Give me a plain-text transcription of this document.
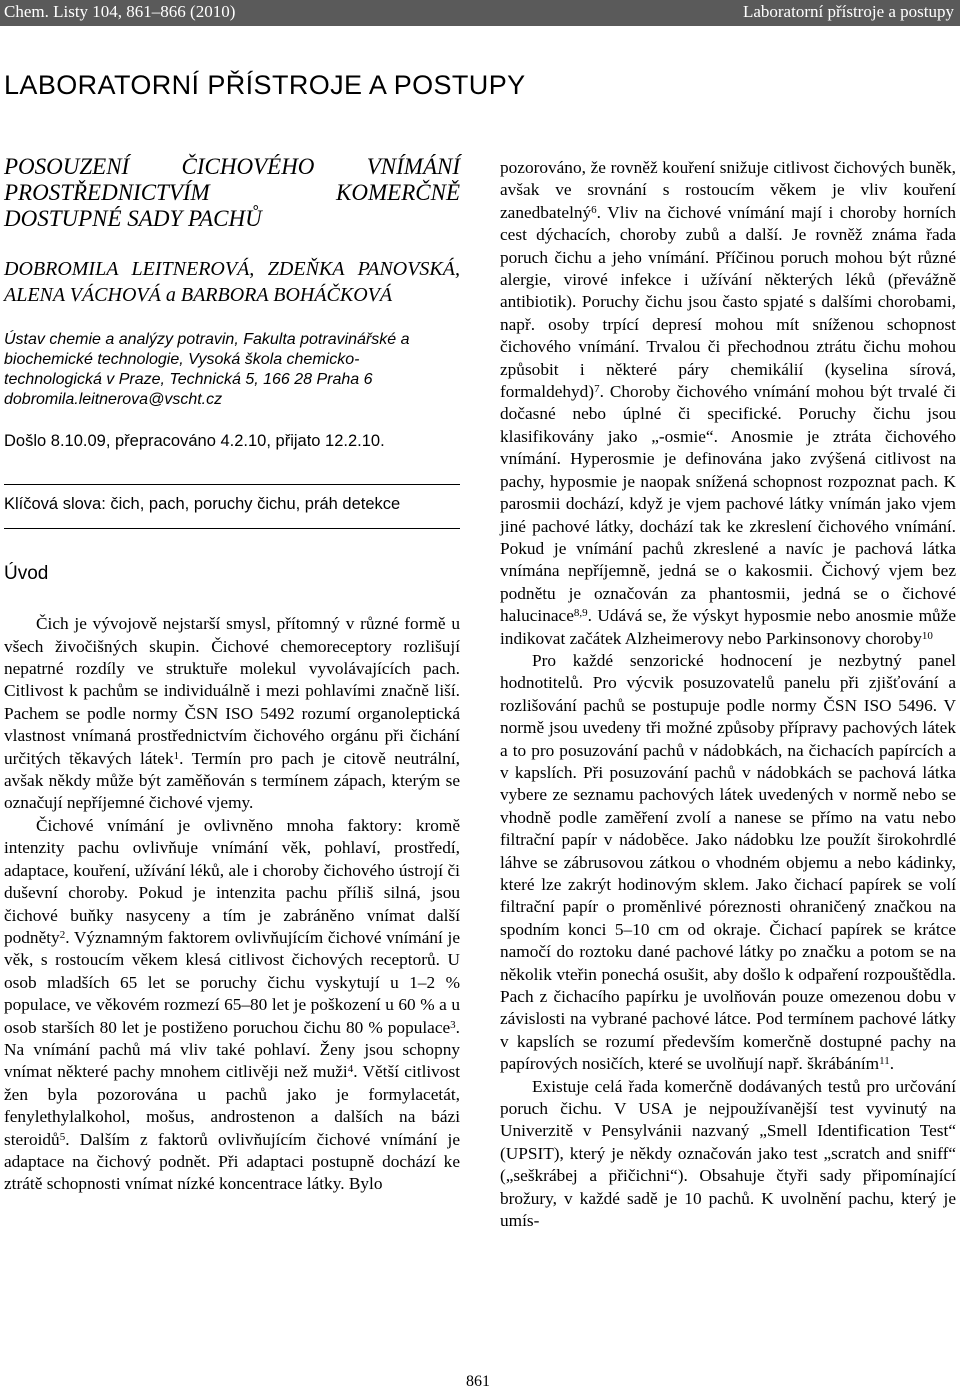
Chem. Listy 104, 861–866 (2010)	Laboratorní přístroje a postupy
LABORATORNÍ PŘÍSTROJE A POSTUPY
POSOUZENÍ ČICHOVÉHO VNÍMÁNÍ PROSTŘEDNICTVÍM KOMERČNĚ DOSTUPNÉ SADY PACHŮ
DOBROMILA LEITNEROVÁ, ZDEŇKA PANOVSKÁ, ALENA VÁCHOVÁ a BARBORA BOHÁČKOVÁ
Ústav chemie a analýzy potravin, Fakulta potravinářské a
biochemické technologie, Vysoká škola chemicko-
technologická v Praze, Technická 5, 166 28 Praha 6
dobromila.leitnerova@vscht.cz
Došlo 8.10.09, přepracováno 4.2.10, přijato 12.2.10.
Klíčová slova: čich, pach, poruchy čichu, práh detekce
Úvod

Čich je vývojově nejstarší smysl, přítomný v různé formě u všech živočišných skupin. Čichové chemoreceptory rozlišují nepatrné rozdíly ve struktuře molekul vyvolávajících pach. Citlivost k pachům se individuálně i mezi pohlavími značně liší. Pachem se podle normy ČSN ISO 5492 rozumí organoleptická vlastnost vnímaná prostřednictvím čichového orgánu při čichání určitých těkavých látek$^1$. Termín pro pach je citově neutrální, avšak někdy může být zaměňován s termínem zápach, kterým se označují nepříjemné čichové vjemy.

Čichové vnímání je ovlivněno mnoha faktory: kromě intenzity pachu ovlivňuje vnímání věk, pohlaví, prostředí, adaptace, kouření, užívání léků, ale i choroby čichového ústrojí či duševní choroby. Pokud je intenzita pachu příliš silná, jsou čichové buňky nasyceny a tím je zabráněno vnímat další podněty$^2$. Významným faktorem ovlivňujícím čichové vnímání je věk, s rostoucím věkem klesá citlivost čichových receptorů. U osob mladších 65 let se poruchy čichu vyskytují u 1–2 % populace, ve věkovém rozmezí 65–80 let je poškození u 60 % a u osob starších 80 let je postiženo poruchou čichu 80 % populace$^3$. Na vnímání pachů má vliv také pohlaví. Ženy jsou schopny vnímat některé pachy mnohem citlivěji než muži$^4$. Větší citlivost žen byla pozorována u pachů jako je formylacetát, fenylethylalkohol, mošus, androstenon a dalších na bázi steroidů$^5$. Dalším z faktorů ovlivňujícím čichové vnímání je adaptace na čichový podnět. Při adaptaci postupně dochází ke ztrátě schopnosti vnímat nízké koncentrace látky. Bylo

pozorováno, že rovněž kouření snižuje citlivost čichových buněk, avšak ve srovnání s rostoucím věkem je vliv kouření zanedbatelný$^6$. Vliv na čichové vnímání mají i choroby horních cest dýchacích, choroby zubů a další. Je rovněž známa řada poruch čichu a jeho vnímání. Příčinou poruch mohou být různé alergie, virové infekce i užívání některých léků (převážně antibiotik). Poruchy čichu jsou často spjaté s dalšími chorobami, např. osoby trpící depresí mohou mít sníženou schopnost čichového vnímání. Trvalou či přechodnou ztrátu čichu mohou způsobit i některé páry chemikálií (kyselina sírová, formaldehyd)$^7$. Choroby čichového vnímání mohou být trvalé či dočasné nebo úplné či specifické. Poruchy čichu jsou klasifikovány jako „-osmie“. Anosmie je ztráta čichového vnímání. Hyperosmie je definována jako zvýšená citlivost na pachy, hyposmie je naopak snížená schopnost rozpoznat pach. K parosmii dochází, když je vjem pachové látky vnímán jako vjem jiné pachové látky, dochází tak ke zkreslení čichového vnímání. Pokud je vnímání pachů zkreslené a navíc je pachová látka vnímána nepříjemně, jedná se o kakosmii. Čichový vjem bez podnětu je označován za phantosmii, jedná se o čichové halucinace$^{8,9}$. Udává se, že výskyt hyposmie nebo anosmie může indikovat začátek Alzheimerovy nebo Parkinsonovy choroby$^{10}$

Pro každé senzorické hodnocení je nezbytný panel hodnotitelů. Pro výcvik posuzovatelů panelu při zjišťování a rozlišování pachů se postupuje podle normy ČSN ISO 5496. V normě jsou uvedeny tři možné způsoby přípravy pachových látek a to pro posuzování pachů v nádobkách, na čichacích papírcích a v kapslích. Při posuzování pachů v nádobkách se pachová látka vybere ze seznamu pachových látek uvedených v normě nebo se vhodně podle zaměření zvolí a nanese se přímo na vatu nebo filtrační papír v nádoběce. Jako nádobku lze použít širokohrdlé láhve se zábrusovou zátkou o vhodném objemu a nebo kádinky, které lze zakrýt hodinovým sklem. Jako čichací papírek se volí filtrační papír o proměnlivé póreznosti ohraničený značkou na spodním konci 5–10 cm od okraje. Čichací papírek se krátce namočí do roztoku dané pachové látky po značku a potom se na několik vteřin ponechá osušit, aby došlo k odpaření rozpouštědla. Pach z čichacího papírku je uvolňován pouze omezenou dobu v závislosti na vybrané pachové látce. Pod termínem pachové látky v kapslích se rozumí především komerčně dostupné pachy na papírových nosičích, které se uvolňují např. škrábáním$^{11}$.

Existuje celá řada komerčně dodávaných testů pro určování poruch čichu. V USA je nejpoužívanější test vyvinutý na Univerzitě v Pensylvánii nazvaný „Smell Identification Test“ (UPSIT), který je někdy označován jako test „scratch and sniff“ („seškrábej a přičichni“). Obsahuje čtyři sady připomínající brožury, v každé sadě je 10 pachů. K uvolnění pachu, který je umís-

861
